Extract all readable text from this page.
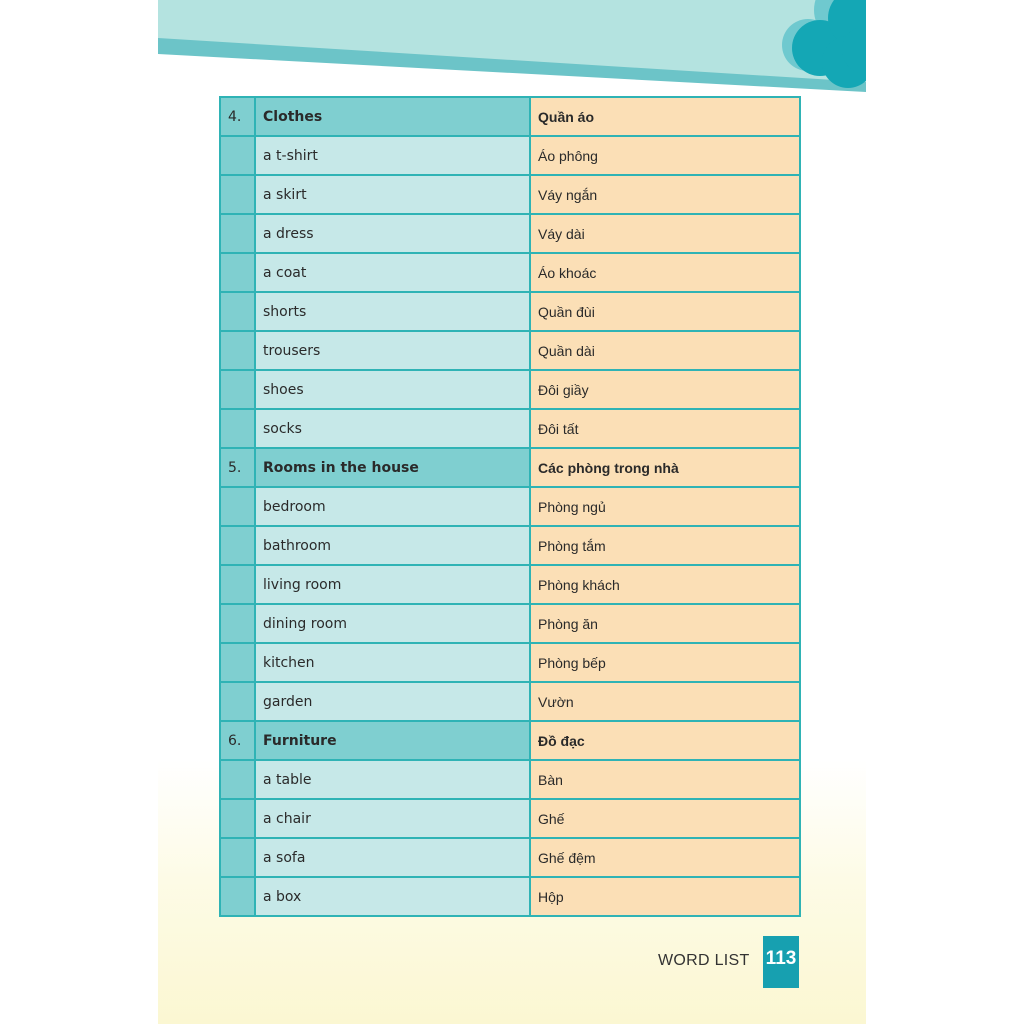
4.	Clothes	Quần áo
	a t-shirt	Áo phông
	a skirt	Váy ngắn
	a dress	Váy dài
	a coat	Áo khoác
	shorts	Quần đùi
	trousers	Quần dài
	shoes	Đôi giầy
	socks	Đôi tất
5.	Rooms in the house	Các phòng trong nhà
	bedroom	Phòng ngủ
	bathroom	Phòng tắm
	living room	Phòng khách
	dining room	Phòng ăn
	kitchen	Phòng bếp
	garden	Vườn
6.	Furniture	Đồ đạc
	a table	Bàn
	a chair	Ghế
	a sofa	Ghế đệm
	a box	Hộp
WORD LIST 113
